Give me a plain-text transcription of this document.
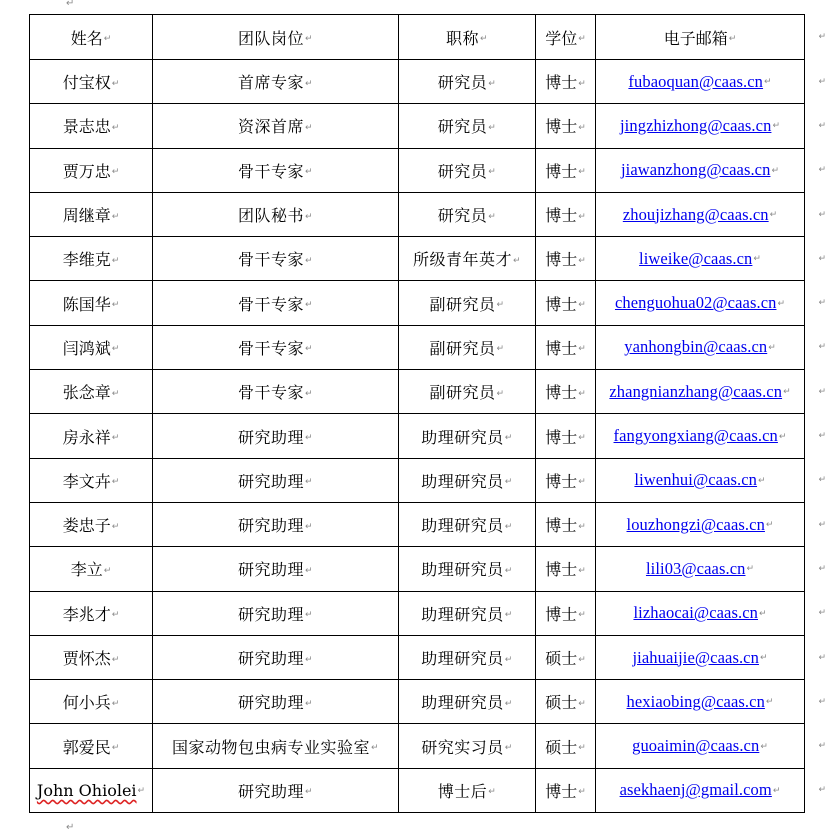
↵
姓名↵	团队岗位↵	职称↵	学位↵	电子邮箱↵ ↵

付宝权↵	首席专家↵	研究员↵	博士↵	fubaoquan@caas.cn↵ ↵

景志忠↵	资深首席↵	研究员↵	博士↵	jingzhizhong@caas.cn↵ ↵

贾万忠↵	骨干专家↵	研究员↵	博士↵	jiawanzhong@caas.cn↵ ↵

周继章↵	团队秘书↵	研究员↵	博士↵	zhoujizhang@caas.cn↵ ↵

李维克↵	骨干专家↵	所级青年英才↵	博士↵	liweike@caas.cn↵ ↵

陈国华↵	骨干专家↵	副研究员↵	博士↵	chenguohua02@caas.cn↵ ↵

闫鸿斌↵	骨干专家↵	副研究员↵	博士↵	yanhongbin@caas.cn↵ ↵

张念章↵	骨干专家↵	副研究员↵	博士↵	zhangnianzhang@caas.cn↵ ↵

房永祥↵	研究助理↵	助理研究员↵	博士↵	fangyongxiang@caas.cn↵ ↵

李文卉↵	研究助理↵	助理研究员↵	博士↵	liwenhui@caas.cn↵ ↵

娄忠子↵	研究助理↵	助理研究员↵	博士↵	louzhongzi@caas.cn↵ ↵

李立↵	研究助理↵	助理研究员↵	博士↵	lili03@caas.cn↵ ↵

李兆才↵	研究助理↵	助理研究员↵	博士↵	lizhaocai@caas.cn↵ ↵

贾怀杰↵	研究助理↵	助理研究员↵	硕士↵	jiahuaijie@caas.cn↵ ↵

何小兵↵	研究助理↵	助理研究员↵	硕士↵	hexiaobing@caas.cn↵ ↵

郭爱民↵	国家动物包虫病专业实验室↵	研究实习员↵	硕士↵	guoaimin@caas.cn↵ ↵

John Ohiolei↵	研究助理↵	博士后↵	博士↵	asekhaenj@gmail.com↵ ↵
↵
